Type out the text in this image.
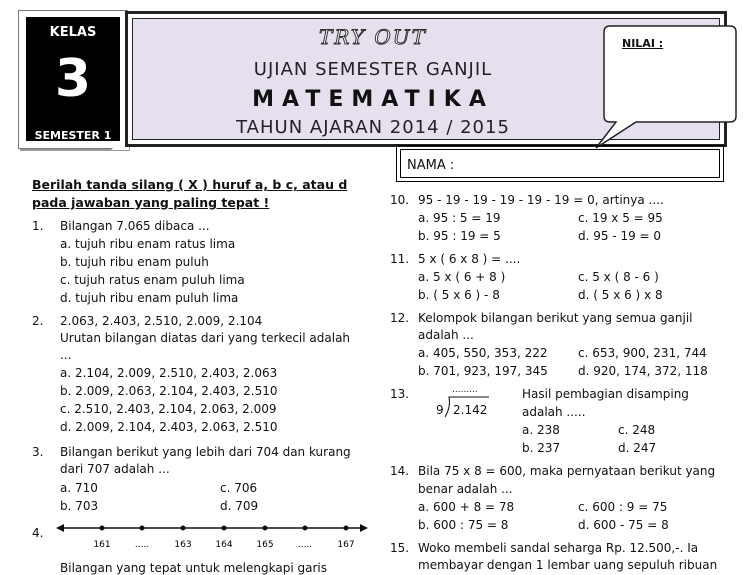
KELAS
3
SEMESTER 1
TRY OUT
UJIAN SEMESTER GANJIL
MATEMATIKA
TAHUN AJARAN 2014 / 2015
NILAI :
NAMA :
Berilah tanda silang ( X ) huruf a, b c, atau d
pada jawaban yang paling tepat !
1. Bilangan 7.065 dibaca ...
a. tujuh ribu enam ratus lima
b. tujuh ribu enam puluh
c. tujuh ratus enam puluh lima
d. tujuh ribu enam puluh lima
2. 2.063, 2.403, 2.510, 2.009, 2.104
Urutan bilangan diatas dari yang terkecil adalah
...
a. 2.104, 2.009, 2.510, 2.403, 2.063
b. 2.009, 2.063, 2.104, 2.403, 2.510
c. 2.510, 2.403, 2.104, 2.063, 2.009
d. 2.009, 2.104, 2.403, 2.063, 2.510
3. Bilangan berikut yang lebih dari 704 dan kurang
dari 707 adalah ...
a. 710	c. 706
b. 703	d. 709
4.
161	.....	163	164	165	.....	167
Bilangan yang tepat untuk melengkapi garis
10. 95 - 19 - 19 - 19 - 19 - 19 = 0, artinya ....
a. 95 : 5 = 19	c. 19 x 5 = 95
b. 95 : 19 = 5	d. 95 - 19 = 0
11. 5 x ( 6 x 8 ) = ....
a. 5 x ( 6 + 8 )	c. 5 x ( 8 - 6 )
b. ( 5 x 6 ) - 8	d. ( 5 x 6 ) x 8
12. Kelompok bilangan berikut yang semua ganjil
adalah ...
a. 405, 550, 353, 222	c. 653, 900, 231, 744
b. 701, 923, 197, 345	d. 920, 174, 372, 118
13.	.........
9 2.142
Hasil pembagian disamping
adalah .....
a. 238	c. 248
b. 237	d. 247
14. Bila 75 x 8 = 600, maka pernyataan berikut yang
benar adalah ...
a. 600 + 8 = 78	c. 600 : 9 = 75
b. 600 : 75 = 8	d. 600 - 75 = 8
15. Woko membeli sandal seharga Rp. 12.500,-. Ia
membayar dengan 1 lembar uang sepuluh ribuan
